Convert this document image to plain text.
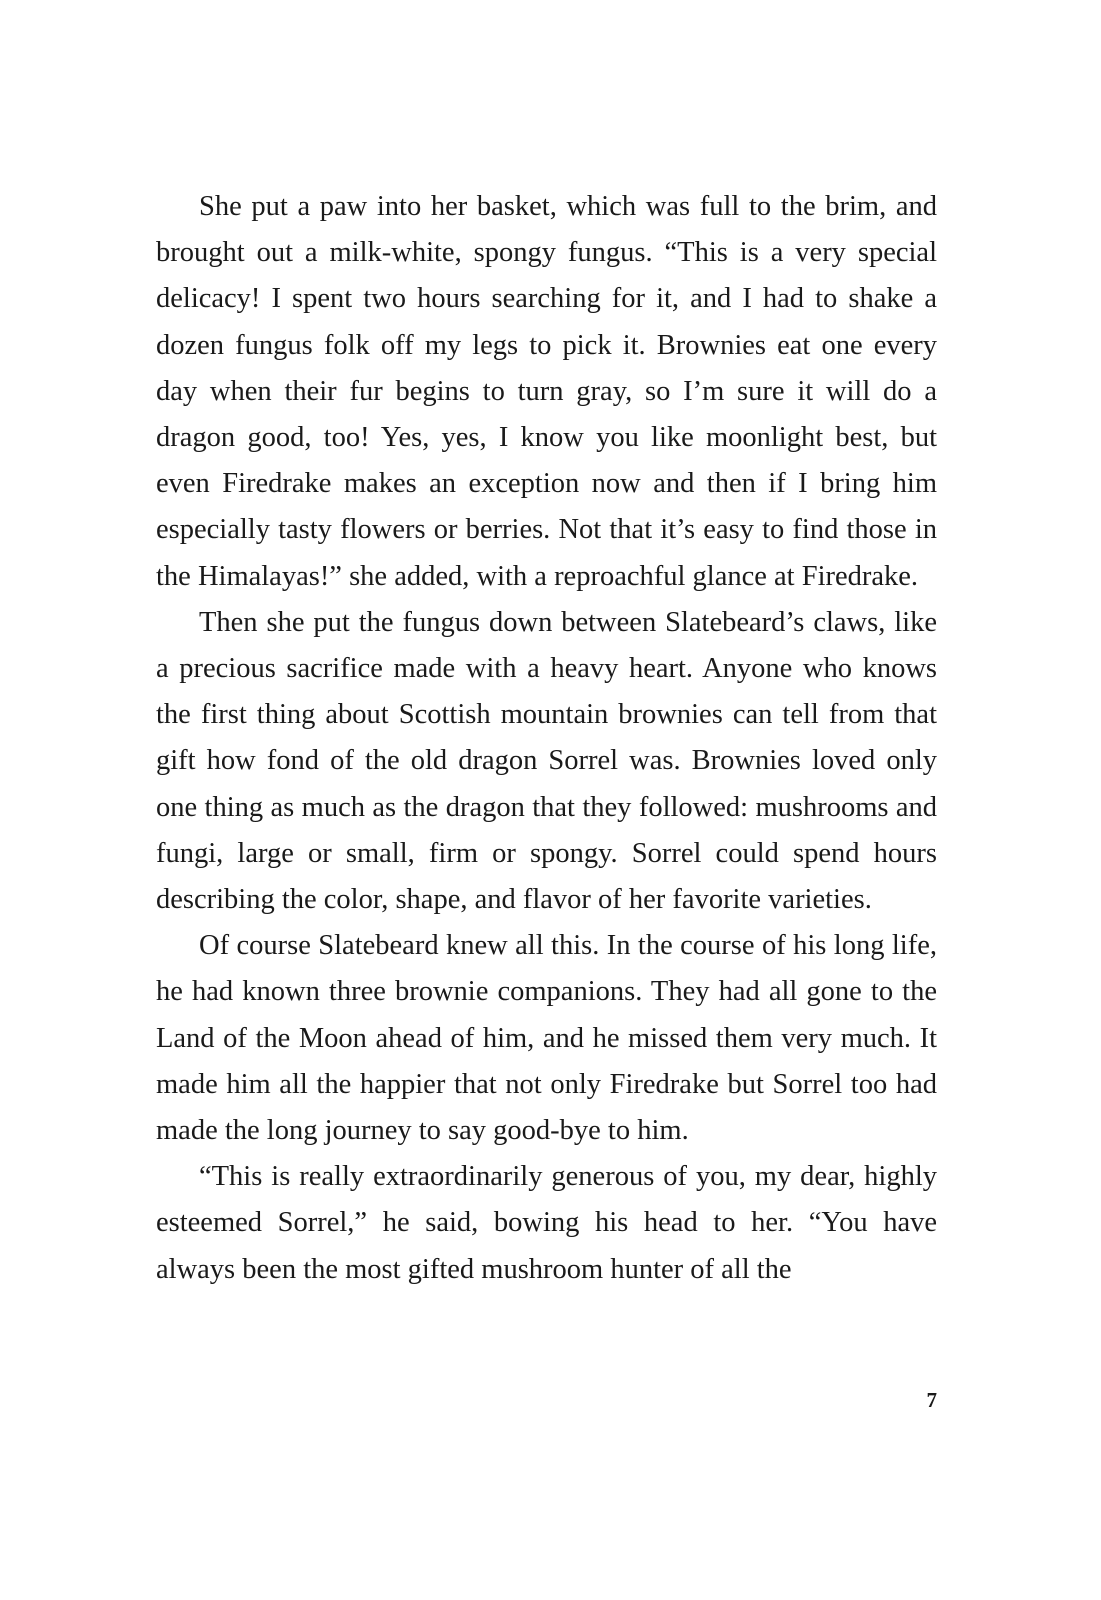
She put a paw into her basket, which was full to the brim, and brought out a milk-white, spongy fungus. “This is a very special delicacy! I spent two hours searching for it, and I had to shake a dozen fungus folk off my legs to pick it. Brownies eat one every day when their fur begins to turn gray, so I’m sure it will do a dragon good, too! Yes, yes, I know you like moonlight best, but even Firedrake makes an exception now and then if I bring him especially tasty flowers or berries. Not that it’s easy to find those in the Himalayas!” she added, with a reproachful glance at Firedrake.

Then she put the fungus down between Slatebeard’s claws, like a precious sacrifice made with a heavy heart. Anyone who knows the first thing about Scottish mountain brownies can tell from that gift how fond of the old dragon Sorrel was. Brownies loved only one thing as much as the dragon that they followed: mushrooms and fungi, large or small, firm or spongy. Sorrel could spend hours describing the color, shape, and flavor of her favorite varieties.

Of course Slatebeard knew all this. In the course of his long life, he had known three brownie companions. They had all gone to the Land of the Moon ahead of him, and he missed them very much. It made him all the happier that not only Firedrake but Sorrel too had made the long journey to say good-bye to him.

“This is really extraordinarily generous of you, my dear, highly esteemed Sorrel,” he said, bowing his head to her. “You have always been the most gifted mushroom hunter of all the

7
